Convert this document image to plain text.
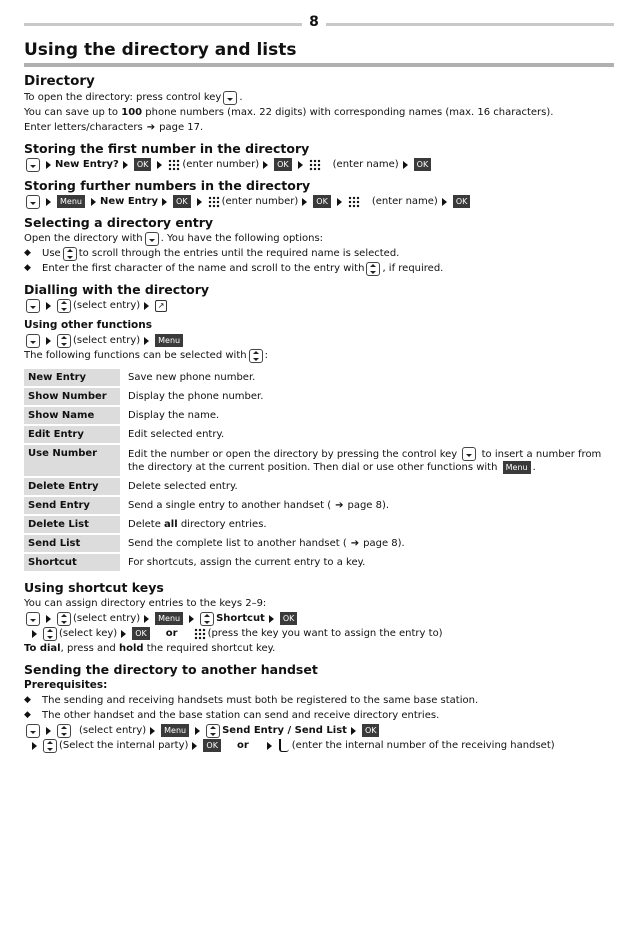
8
Using the directory and lists
Directory
To open the directory: press control key .

You can save up to 100 phone numbers (max. 22 digits) with corresponding names (max. 16 characters).

Enter letters/characters ➔ page 17.
Storing the first number in the directory
New Entry?	OK	(enter number)	OK	(enter name)	OK
Storing further numbers in the directory
Menu	New Entry	OK	(enter number)	OK	(enter name)	OK
Selecting a directory entry
Open the directory with . You have the following options:
◆	Use to scroll through the entries until the required name is selected.
◆	Enter the first character of the name and scroll to the entry with , if required.
Dialling with the directory
(select entry)	↗
Using other functions
(select entry)	Menu
The following functions can be selected with :
New Entry	Save new phone number.
Show Number	Display the phone number.
Show Name	Display the name.
Edit Entry	Edit selected entry.
Use Number	Edit the number or open the directory by pressing the control key to insert a number from the directory at the current position. Then dial or use other functions with Menu .
Delete Entry	Delete selected entry.
Send Entry	Send a single entry to another handset ( ➔ page 8).
Delete List	Delete all directory entries.
Send List	Send the complete list to another handset ( ➔ page 8).
Shortcut	For shortcuts, assign the current entry to a key.
Using shortcut keys

You can assign directory entries to the keys 2–9:

(select entry)	Menu	Shortcut	OK
(select key)	OK	or	(press the key you want to assign the entry to)

To dial, press and hold the required shortcut key.

Sending the directory to another handset
Prerequisites:
◆	The sending and receiving handsets must both be registered to the same base station.
◆	The other handset and the base station can send and receive directory entries.
(select entry)	Menu	Send Entry / Send List	OK
(Select the internal party)	OK	or	(enter the internal number of the receiving handset)
